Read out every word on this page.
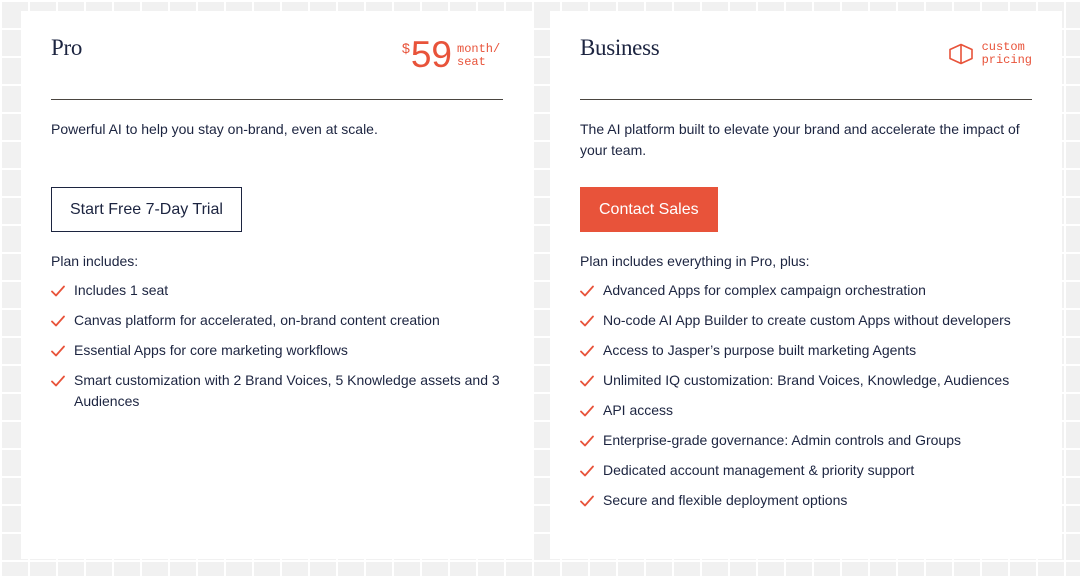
Pro	$ 59 month/
seat

Powerful AI to help you stay on-brand, even at scale.

Start Free 7-Day Trial

Plan includes:

Includes 1 seat
Canvas platform for accelerated, on-brand content creation
Essential Apps for core marketing workflows
Smart customization with 2 Brand Voices, 5 Knowledge assets and 3 Audiences
Business	custom
pricing

The AI platform built to elevate your brand and accelerate the impact of your team.

Contact Sales

Plan includes everything in Pro, plus:

Advanced Apps for complex campaign orchestration
No-code AI App Builder to create custom Apps without developers
Access to Jasper’s purpose built marketing Agents
Unlimited IQ customization: Brand Voices, Knowledge, Audiences
API access
Enterprise-grade governance: Admin controls and Groups
Dedicated account management & priority support
Secure and flexible deployment options
